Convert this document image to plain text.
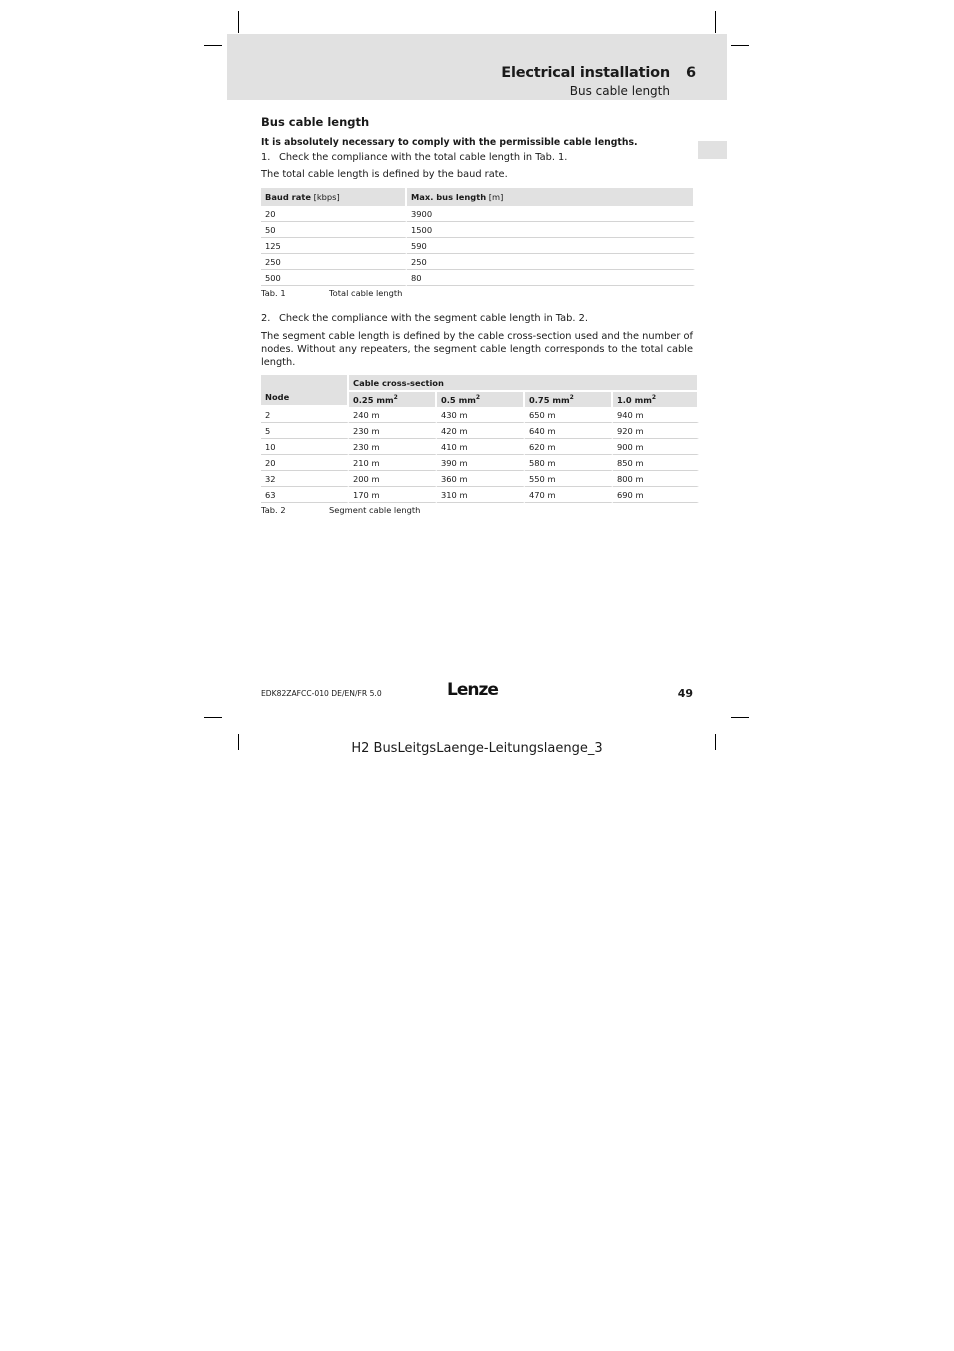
Electrical installation 6
Bus cable length
Bus cable length
It is absolutely necessary to comply with the permissible cable lengths.
1. Check the compliance with the total cable length in Tab. 1.
The total cable length is defined by the baud rate.
Baud rate [kbps]	Max. bus length [m]
20	3900
50	1500
125	590
250	250
500	80
Tab. 1	Total cable length
2. Check the compliance with the segment cable length in Tab. 2.
The segment cable length is defined by the cable cross-section used and the number of nodes. Without any repeaters, the segment cable length corresponds to the total cable length.
Node	Cable cross-section			
	0.25 $mm^2$	0.5 $mm^2$	0.75 $mm^2$	1.0 $mm^2$
2	240 m	430 m	650 m	940 m
5	230 m	420 m	640 m	920 m
10	230 m	410 m	620 m	900 m
20	210 m	390 m	580 m	850 m
32	200 m	360 m	550 m	800 m
63	170 m	310 m	470 m	690 m
Tab. 2	Segment cable length
EDK82ZAFCC-010 DE/EN/FR 5.0	Lenze	49
H2 BusLeitgsLaenge-Leitungslaenge_3
